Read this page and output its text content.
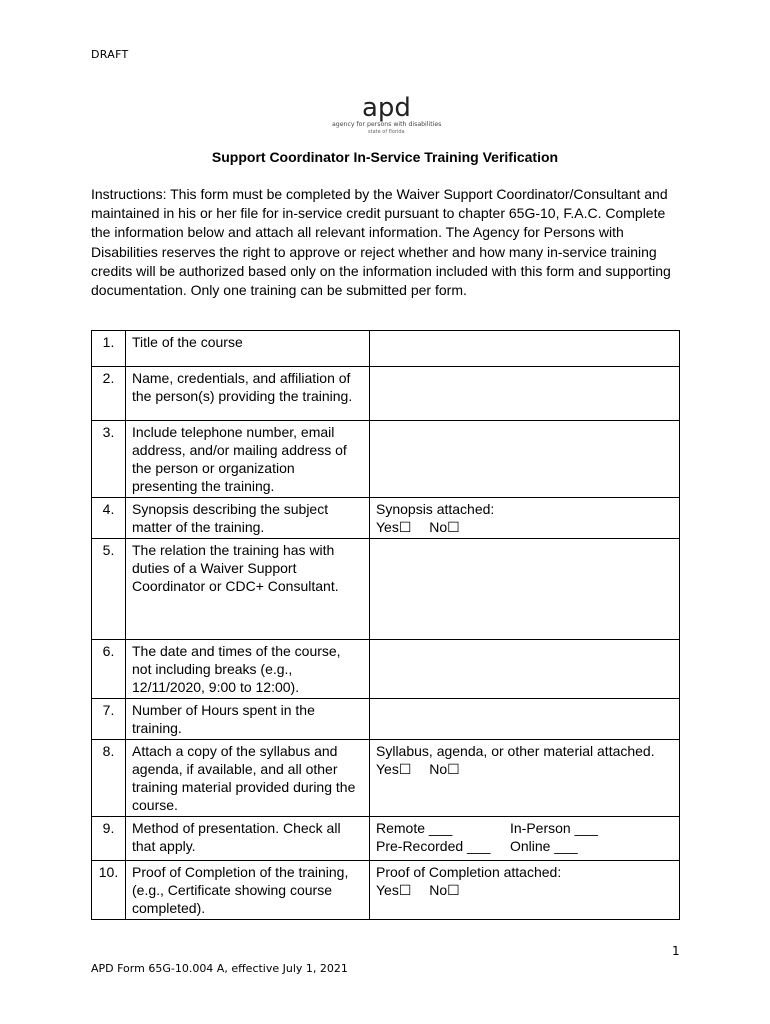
DRAFT
apd
agency for persons with disabilities
state of florida
Support Coordinator In-Service Training Verification
Instructions: This form must be completed by the Waiver Support Coordinator/Consultant and maintained in his or her file for in-service credit pursuant to chapter 65G-10, F.A.C. Complete the information below and attach all relevant information. The Agency for Persons with Disabilities reserves the right to approve or reject whether and how many in-service training credits will be authorized based only on the information included with this form and supporting documentation. Only one training can be submitted per form.
1.	Title of the course	
2.	Name, credentials, and affiliation of the person(s) providing the training.	
3.	Include telephone number, email address, and/or mailing address of the person or organization presenting the training.	
4.	Synopsis describing the subject matter of the training.	Synopsis attached:
Yes☐ No☐

5.	The relation the training has with duties of a Waiver Support Coordinator or CDC+ Consultant.	
6.	The date and times of the course, not including breaks (e.g., 12/11/2020, 9:00 to 12:00).	
7.	Number of Hours spent in the training.	
8.	Attach a copy of the syllabus and agenda, if available, and all other training material provided during the course.	Syllabus, agenda, or other material attached.
Yes☐ No☐

9.	Method of presentation. Check all that apply.	Remote ___ In-Person ___
Pre-Recorded ___ Online ___

10.	Proof of Completion of the training, (e.g., Certificate showing course completed).	Proof of Completion attached:
Yes☐ No☐
1
APD Form 65G-10.004 A, effective July 1, 2021
